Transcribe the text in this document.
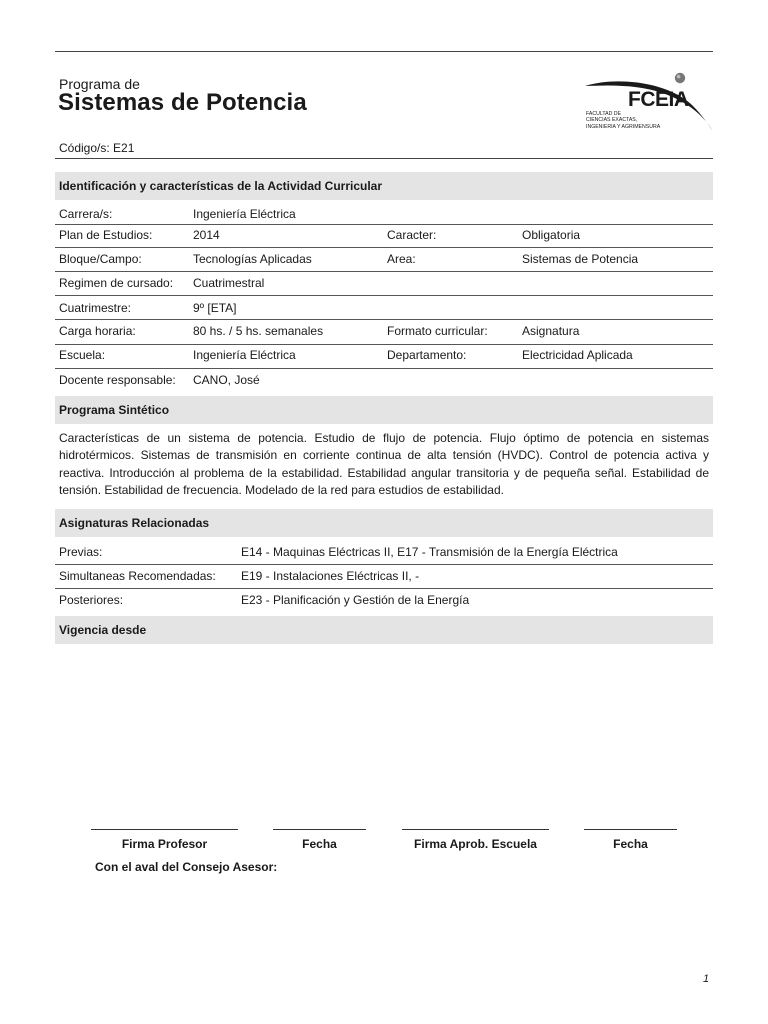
Programa de
Sistemas de Potencia
Código/s: E21
FCEIA
FACULTAD DE
CIENCIAS EXACTAS,
INGENIERIA Y AGRIMENSURA
Identificación y características de la Actividad Curricular
Carrera/s:	Ingeniería Eléctrica
Plan de Estudios:	2014	Caracter:	Obligatoria
Bloque/Campo:	Tecnologías Aplicadas	Area:	Sistemas de Potencia
Regimen de cursado: Cuatrimestral
Cuatrimestre:	9º [ETA]
Carga horaria:	80 hs. / 5 hs. semanales	Formato curricular:	Asignatura
Escuela:	Ingeniería Eléctrica	Departamento:	Electricidad Aplicada
Docente responsable: CANO, José
Programa Sintético
Características de un sistema de potencia. Estudio de flujo de potencia. Flujo óptimo de potencia en sistemas hidrotérmicos. Sistemas de transmisión en corriente continua de alta tensión (HVDC). Control de potencia activa y reactiva. Introducción al problema de la estabilidad. Estabilidad angular transitoria y de pequeña señal. Estabilidad de tensión. Estabilidad de frecuencia. Modelado de la red para estudios de estabilidad.
Asignaturas Relacionadas
Previas:	E14 - Maquinas Eléctricas II, E17 - Transmisión de la Energía Eléctrica
Simultaneas Recomendadas: E19 - Instalaciones Eléctricas II, -
Posteriores:	E23 - Planificación y Gestión de la Energía
Vigencia desde
Firma Profesor	Fecha	Firma Aprob. Escuela	Fecha
Con el aval del Consejo Asesor:
1
